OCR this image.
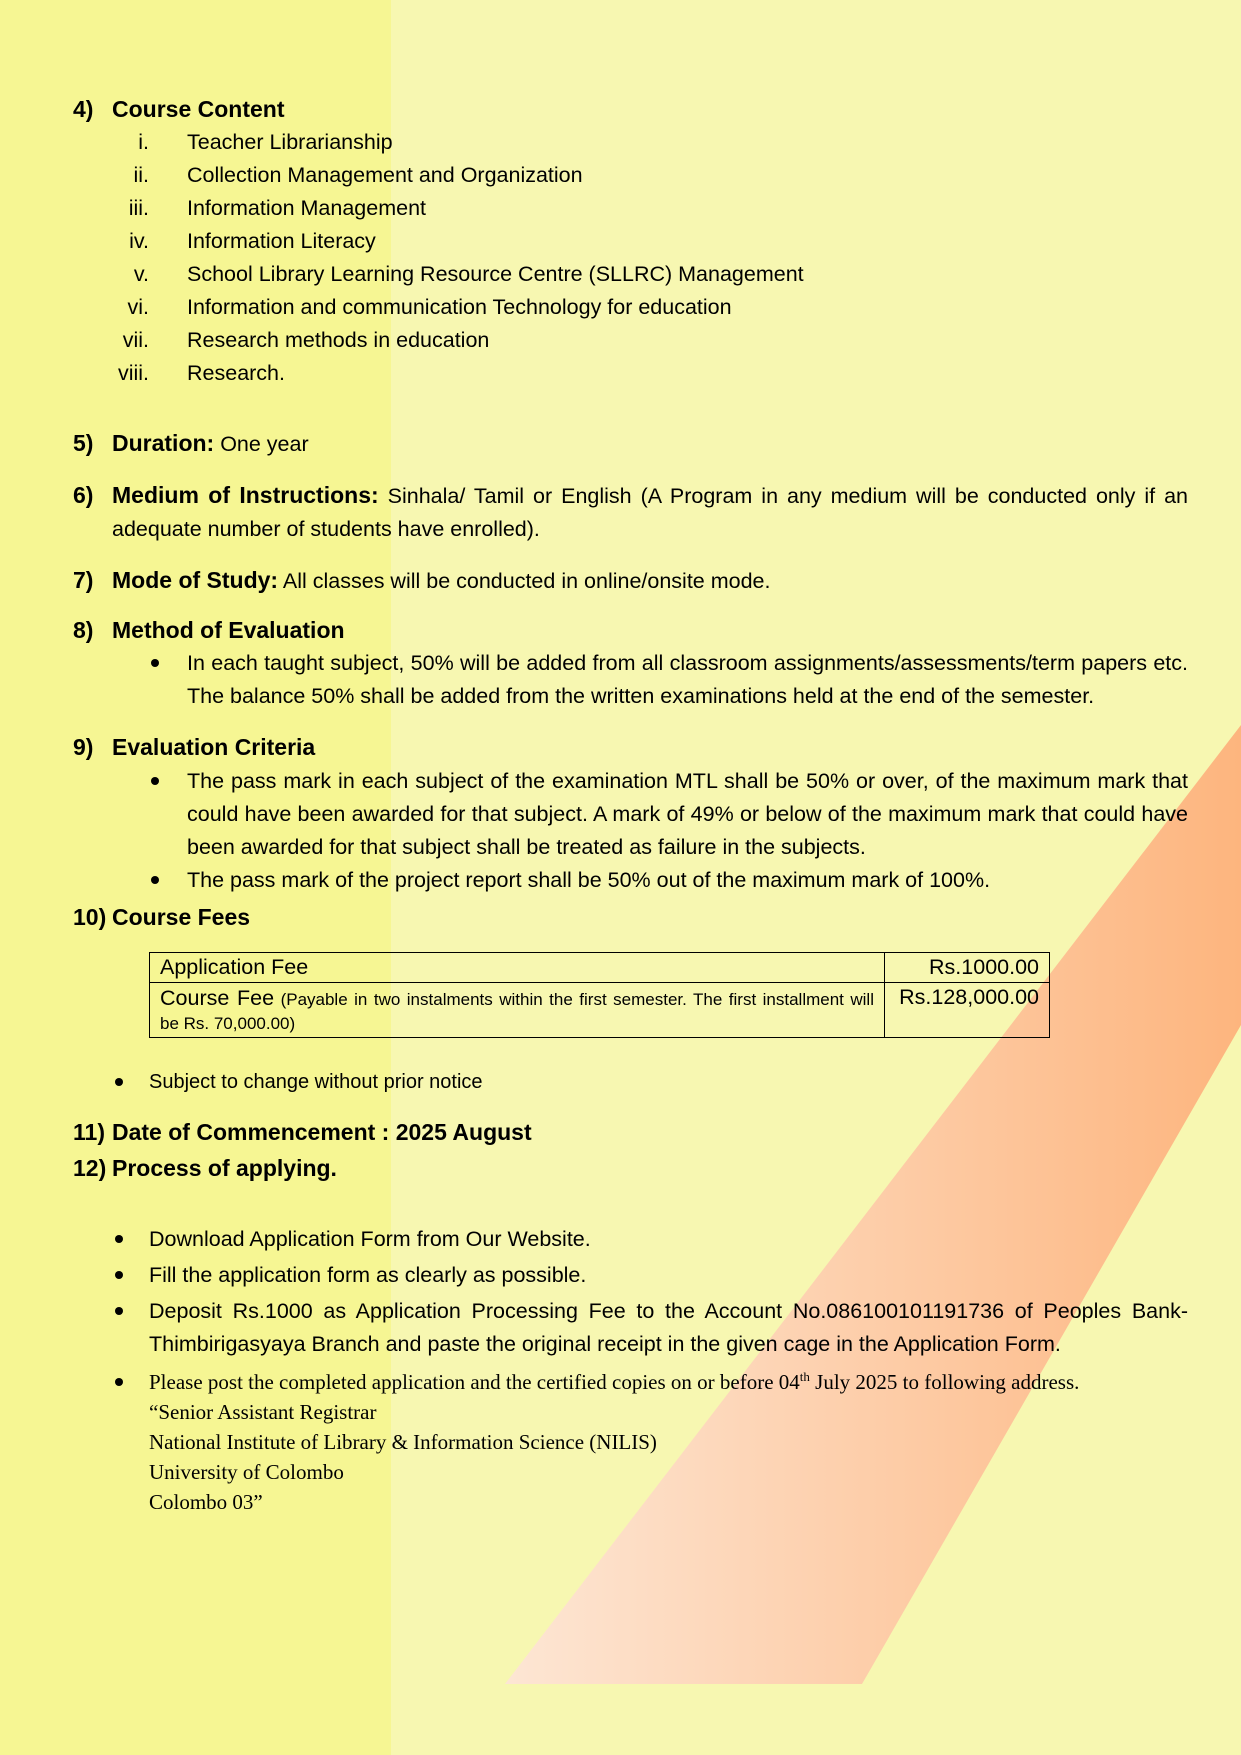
4) Course Content
i. Teacher Librarianship
ii. Collection Management and Organization
iii. Information Management
iv. Information Literacy
v. School Library Learning Resource Centre (SLLRC) Management
vi. Information and communication Technology for education
vii. Research methods in education
viii. Research.
5) Duration: One year
6) Medium of Instructions: Sinhala/ Tamil or English (A Program in any medium will be conducted only if an adequate number of students have enrolled).
7) Mode of Study: All classes will be conducted in online/onsite mode.
8) Method of Evaluation
In each taught subject, 50% will be added from all classroom assignments/assessments/term papers etc. The balance 50% shall be added from the written examinations held at the end of the semester.
9) Evaluation Criteria
The pass mark in each subject of the examination MTL shall be 50% or over, of the maximum mark that could have been awarded for that subject. A mark of 49% or below of the maximum mark that could have been awarded for that subject shall be treated as failure in the subjects.
The pass mark of the project report shall be 50% out of the maximum mark of 100%.
10) Course Fees
Application Fee	Rs.1000.00
Course Fee (Payable in two instalments within the first semester. The first installment will be Rs. 70,000.00)	Rs.128,000.00
Subject to change without prior notice
11) Date of Commencement : 2025 August
12) Process of applying.
Download Application Form from Our Website.
Fill the application form as clearly as possible.
Deposit Rs.1000 as Application Processing Fee to the Account No.086100101191736 of Peoples Bank-Thimbirigasyaya Branch and paste the original receipt in the given cage in the Application Form.
Please post the completed application and the certified copies on or before 04th July 2025 to following address.
“Senior Assistant Registrar
National Institute of Library & Information Science (NILIS)
University of Colombo
Colombo 03”
